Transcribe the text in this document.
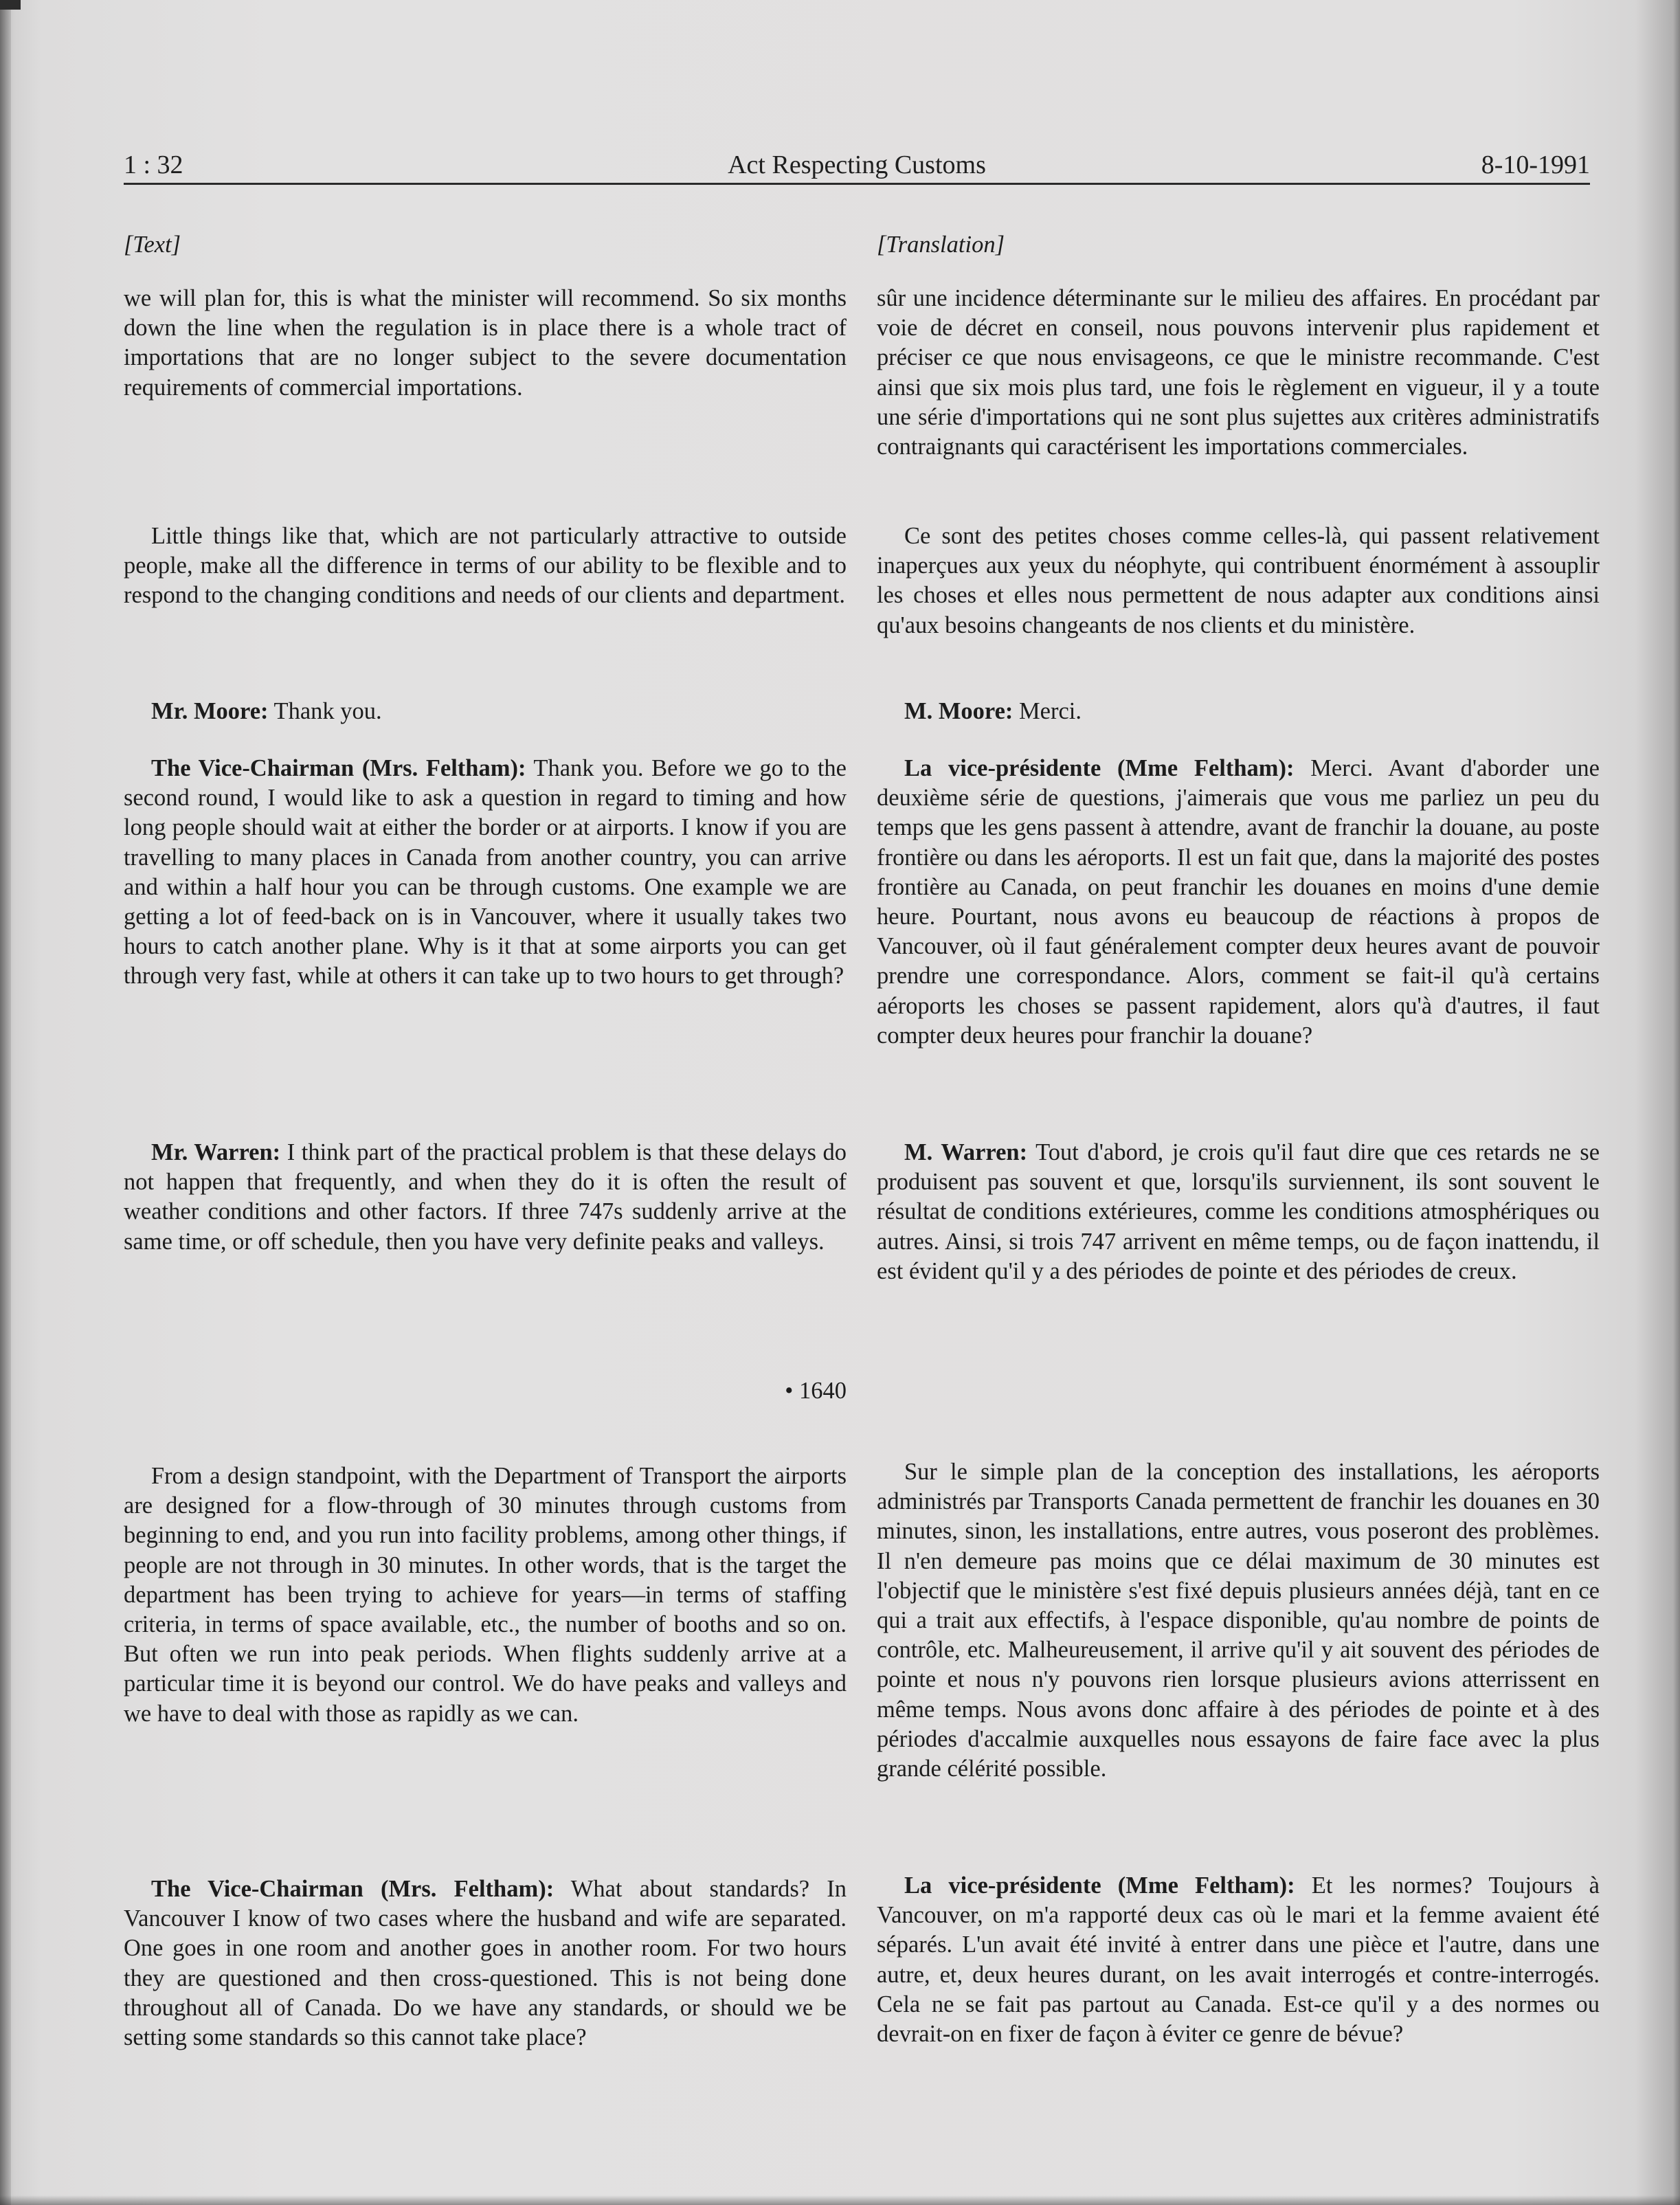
1 : 32	Act Respecting Customs	8-10-1991
[Text]

we will plan for, this is what the minister will recommend. So six months down the line when the regulation is in place there is a whole tract of importations that are no longer subject to the severe documentation requirements of commercial importations.

Little things like that, which are not particularly attractive to outside people, make all the difference in terms of our ability to be flexible and to respond to the changing conditions and needs of our clients and department.

Mr. Moore: Thank you.

The Vice-Chairman (Mrs. Feltham): Thank you. Before we go to the second round, I would like to ask a question in regard to timing and how long people should wait at either the border or at airports. I know if you are travelling to many places in Canada from another country, you can arrive and within a half hour you can be through customs. One example we are getting a lot of feed-back on is in Vancouver, where it usually takes two hours to catch another plane. Why is it that at some airports you can get through very fast, while at others it can take up to two hours to get through?

Mr. Warren: I think part of the practical problem is that these delays do not happen that frequently, and when they do it is often the result of weather conditions and other factors. If three 747s suddenly arrive at the same time, or off schedule, then you have very definite peaks and valleys.

• 1640

From a design standpoint, with the Department of Transport the airports are designed for a flow-through of 30 minutes through customs from beginning to end, and you run into facility problems, among other things, if people are not through in 30 minutes. In other words, that is the target the department has been trying to achieve for years—in terms of staffing criteria, in terms of space available, etc., the number of booths and so on. But often we run into peak periods. When flights suddenly arrive at a particular time it is beyond our control. We do have peaks and valleys and we have to deal with those as rapidly as we can.

The Vice-Chairman (Mrs. Feltham): What about standards? In Vancouver I know of two cases where the husband and wife are separated. One goes in one room and another goes in another room. For two hours they are questioned and then cross-questioned. This is not being done throughout all of Canada. Do we have any standards, or should we be setting some standards so this cannot take place?

[Translation]

sûr une incidence déterminante sur le milieu des affaires. En procédant par voie de décret en conseil, nous pouvons intervenir plus rapidement et préciser ce que nous envisageons, ce que le ministre recommande. C'est ainsi que six mois plus tard, une fois le règlement en vigueur, il y a toute une série d'importations qui ne sont plus sujettes aux critères administratifs contraignants qui caractérisent les importations commerciales.

Ce sont des petites choses comme celles-là, qui passent relativement inaperçues aux yeux du néophyte, qui contribuent énormément à assouplir les choses et elles nous permettent de nous adapter aux conditions ainsi qu'aux besoins changeants de nos clients et du ministère.

M. Moore: Merci.

La vice-présidente (Mme Feltham): Merci. Avant d'aborder une deuxième série de questions, j'aimerais que vous me parliez un peu du temps que les gens passent à attendre, avant de franchir la douane, au poste frontière ou dans les aéroports. Il est un fait que, dans la majorité des postes frontière au Canada, on peut franchir les douanes en moins d'une demie heure. Pourtant, nous avons eu beaucoup de réactions à propos de Vancouver, où il faut généralement compter deux heures avant de pouvoir prendre une correspondance. Alors, comment se fait-il qu'à certains aéroports les choses se passent rapidement, alors qu'à d'autres, il faut compter deux heures pour franchir la douane?

M. Warren: Tout d'abord, je crois qu'il faut dire que ces retards ne se produisent pas souvent et que, lorsqu'ils surviennent, ils sont souvent le résultat de conditions extérieures, comme les conditions atmosphériques ou autres. Ainsi, si trois 747 arrivent en même temps, ou de façon inattendu, il est évident qu'il y a des périodes de pointe et des périodes de creux.

Sur le simple plan de la conception des installations, les aéroports administrés par Transports Canada permettent de franchir les douanes en 30 minutes, sinon, les installations, entre autres, vous poseront des problèmes. Il n'en demeure pas moins que ce délai maximum de 30 minutes est l'objectif que le ministère s'est fixé depuis plusieurs années déjà, tant en ce qui a trait aux effectifs, à l'espace disponible, qu'au nombre de points de contrôle, etc. Malheureusement, il arrive qu'il y ait souvent des périodes de pointe et nous n'y pouvons rien lorsque plusieurs avions atterrissent en même temps. Nous avons donc affaire à des périodes de pointe et à des périodes d'accalmie auxquelles nous essayons de faire face avec la plus grande célérité possible.

La vice-présidente (Mme Feltham): Et les normes? Toujours à Vancouver, on m'a rapporté deux cas où le mari et la femme avaient été séparés. L'un avait été invité à entrer dans une pièce et l'autre, dans une autre, et, deux heures durant, on les avait interrogés et contre-interrogés. Cela ne se fait pas partout au Canada. Est-ce qu'il y a des normes ou devrait-on en fixer de façon à éviter ce genre de bévue?
